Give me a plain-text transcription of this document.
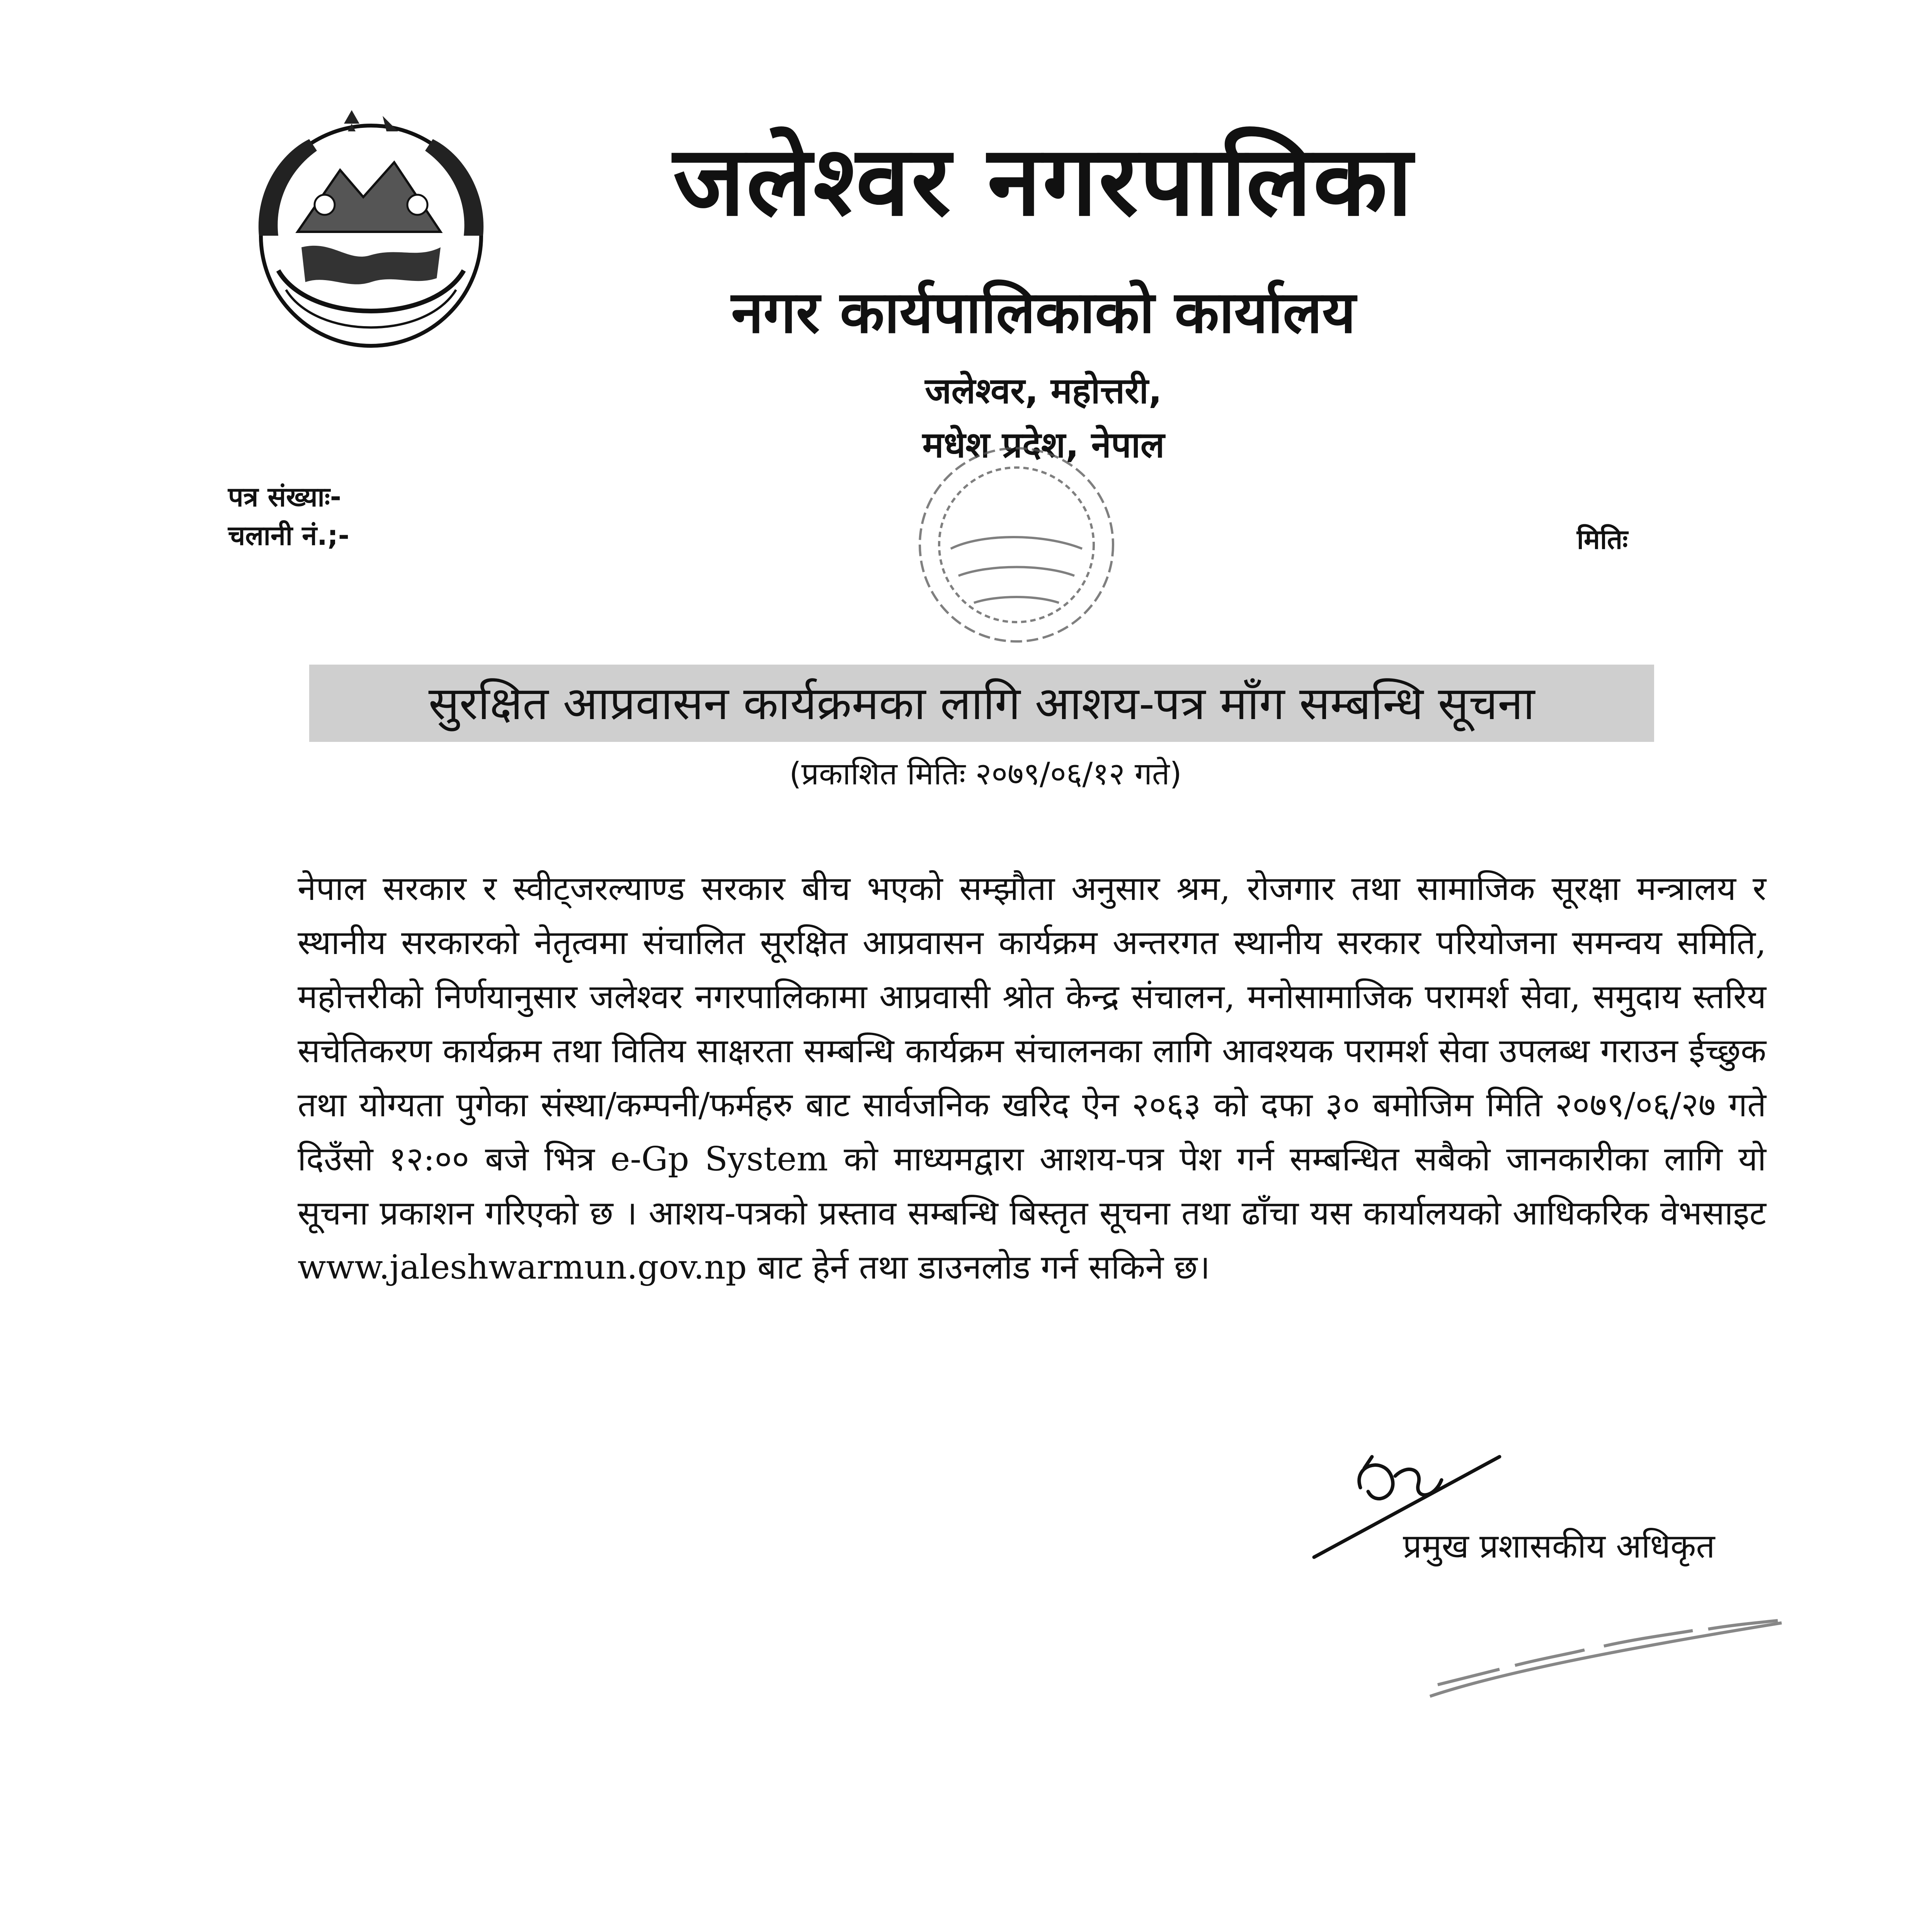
जलेश्वर नगरपालिका
नगर कार्यपालिकाको कार्यालय
जलेश्वर, महोत्तरी,
मधेश प्रदेश, नेपाल
पत्र संख्याः-
चलानी नं.;-	मितिः
सुरक्षित आप्रवासन कार्यक्रमका लागि आशय-पत्र माँग सम्बन्धि सूचना
(प्रकाशित मितिः २०७९/०६/१२ गते)
नेपाल सरकार र स्वीट्जरल्याण्ड सरकार बीच भएको सम्झौता अनुसार श्रम, रोजगार तथा सामाजिक सूरक्षा मन्त्रालय र स्थानीय सरकारको नेतृत्वमा संचालित सूरक्षित आप्रवासन कार्यक्रम अन्तरगत स्थानीय सरकार परियोजना समन्वय समिति, महोत्तरीको निर्णयानुसार जलेश्वर नगरपालिकामा आप्रवासी श्रोत केन्द्र संचालन, मनोसामाजिक परामर्श सेवा, समुदाय स्तरिय सचेतिकरण कार्यक्रम तथा वितिय साक्षरता सम्बन्धि कार्यक्रम संचालनका लागि आवश्यक परामर्श सेवा उपलब्ध गराउन ईच्छुक तथा योग्यता पुगेका संस्था/कम्पनी/फर्महरु बाट सार्वजनिक खरिद ऐन २०६३ को दफा ३० बमोजिम मिति २०७९/०६/२७ गते दिउँसो १२:०० बजे भित्र e-Gp System को माध्यमद्वारा आशय-पत्र पेश गर्न सम्बन्धित सबैको जानकारीका लागि यो सूचना प्रकाशन गरिएको छ । आशय-पत्रको प्रस्ताव सम्बन्धि बिस्तृत सूचना तथा ढाँचा यस कार्यालयको आधिकरिक वेभसाइट www.jaleshwarmun.gov.np बाट हेर्न तथा डाउनलोड गर्न सकिने छ।
प्रमुख प्रशासकीय अधिकृत
